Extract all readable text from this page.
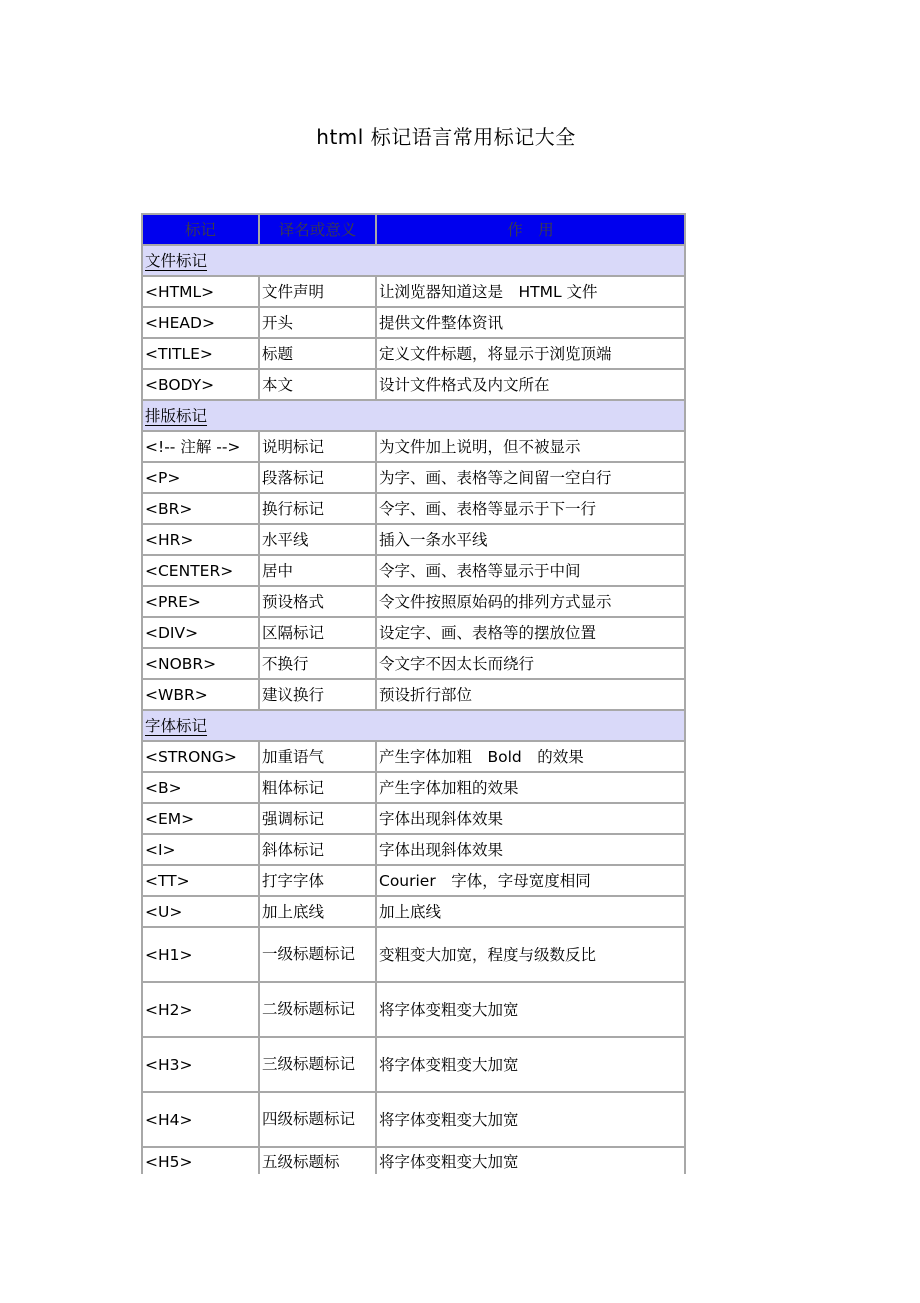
html 标记语言常用标记大全
标记	译名或意义	作　用
文件标记		
<HTML>	文件声明	让浏览器知道这是　HTML 文件
<HEAD>	开头	提供文件整体资讯
<TITLE>	标题	定义文件标题，将显示于浏览顶端
<BODY>	本文	设计文件格式及内文所在
排版标记		
<!-- 注解 -->	说明标记	为文件加上说明，但不被显示
<P>	段落标记	为字、画、表格等之间留一空白行
<BR>	换行标记	令字、画、表格等显示于下一行
<HR>	水平线	插入一条水平线
<CENTER>	居中	令字、画、表格等显示于中间
<PRE>	预设格式	令文件按照原始码的排列方式显示
<DIV>	区隔标记	设定字、画、表格等的摆放位置
<NOBR>	不换行	令文字不因太长而绕行
<WBR>	建议换行	预设折行部位
字体标记		
<STRONG>	加重语气	产生字体加粗　Bold　的效果
<B>	粗体标记	产生字体加粗的效果
<EM>	强调标记	字体出现斜体效果
<I>	斜体标记	字体出现斜体效果
<TT>	打字字体	Courier　字体，字母宽度相同
<U>	加上底线	加上底线
<H1>	一级标题标记	变粗变大加宽，程度与级数反比
<H2>	二级标题标记	将字体变粗变大加宽
<H3>	三级标题标记	将字体变粗变大加宽
<H4>	四级标题标记	将字体变粗变大加宽
<H5>	五级标题标	将字体变粗变大加宽
